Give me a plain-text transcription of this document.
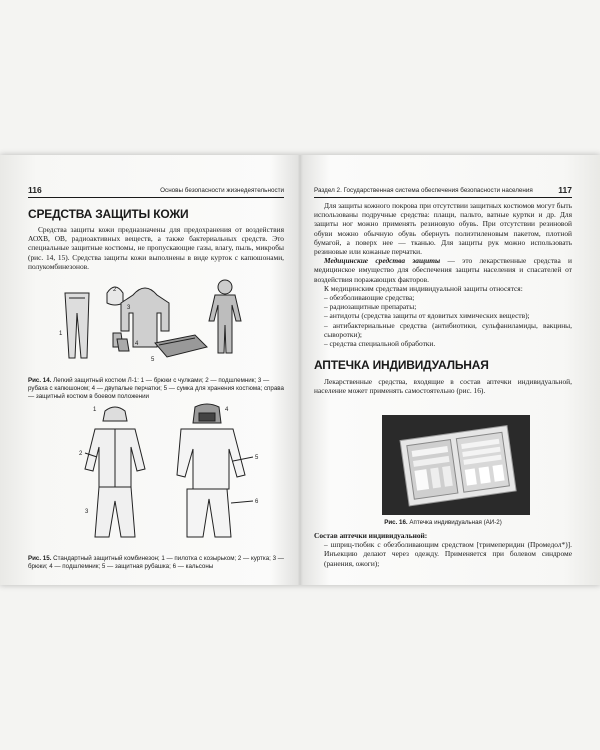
116	Основы безопасности жизнедеятельности
СРЕДСТВА ЗАЩИТЫ КОЖИ

Средства защиты кожи предназначены для предохранения от воздействия АОХВ, ОВ, радиоактивных веществ, а также бактериальных средств. Это специальные защитные костюмы, не пропускающие газы, влагу, пыль, микробы (рис. 14, 15). Средства защиты кожи выполнены в виде курток с капюшонами, полукомбинезонов.

1
2
3
4
5
Рис. 14. Легкий защитный костюм Л-1: 1 — брюки с чулками; 2 — подшлемник; 3 — рубаха с капюшоном; 4 — двупалые перчатки; 5 — сумка для хранения костюма; справа — защитный костюм в боевом положении
1
2
3
4
5
6
Рис. 15. Стандартный защитный комбинезон; 1 — пилотка с козырьком; 2 — куртка; 3 — брюки; 4 — подшлемник; 5 — защитная рубашка; 6 — кальсоны
Раздел 2. Государственная система обеспечения безопасности населения	117

Для защиты кожного покрова при отсутствии защитных костюмов могут быть использованы подручные средства: плащи, пальто, ватные куртки и др. Для защиты ног можно применять резиновую обувь. При отсутствии резиновой обуви можно обычную обувь обернуть полиэтиленовым пакетом, плотной бумагой, а поверх нее — тканью. Для защиты рук можно использовать резиновые или кожаные перчатки.

Медицинские средства защиты — это лекарственные средства и медицинское имущество для обеспечения защиты населения и спасателей от воздействия поражающих факторов.

К медицинским средствам индивидуальной защиты относятся:

– обезболивающие средства;
– радиозащитные препараты;
– антидоты (средства защиты от ядовитых химических веществ);
– антибактериальные средства (антибиотики, сульфаниламиды, вакцины, сыворотки);
– средства специальной обработки.
АПТЕЧКА ИНДИВИДУАЛЬНАЯ

Лекарственные средства, входящие в состав аптечки индивидуальной, население может применять самостоятельно (рис. 16).

Рис. 16. Аптечка индивидуальная (АИ-2)

Состав аптечки индивидуальной:

– шприц-тюбик с обезболивающим средством [тримеперидин (Промедол*)]. Инъекцию делают через одежду. Применяется при болевом синдроме (ранения, ожоги);
